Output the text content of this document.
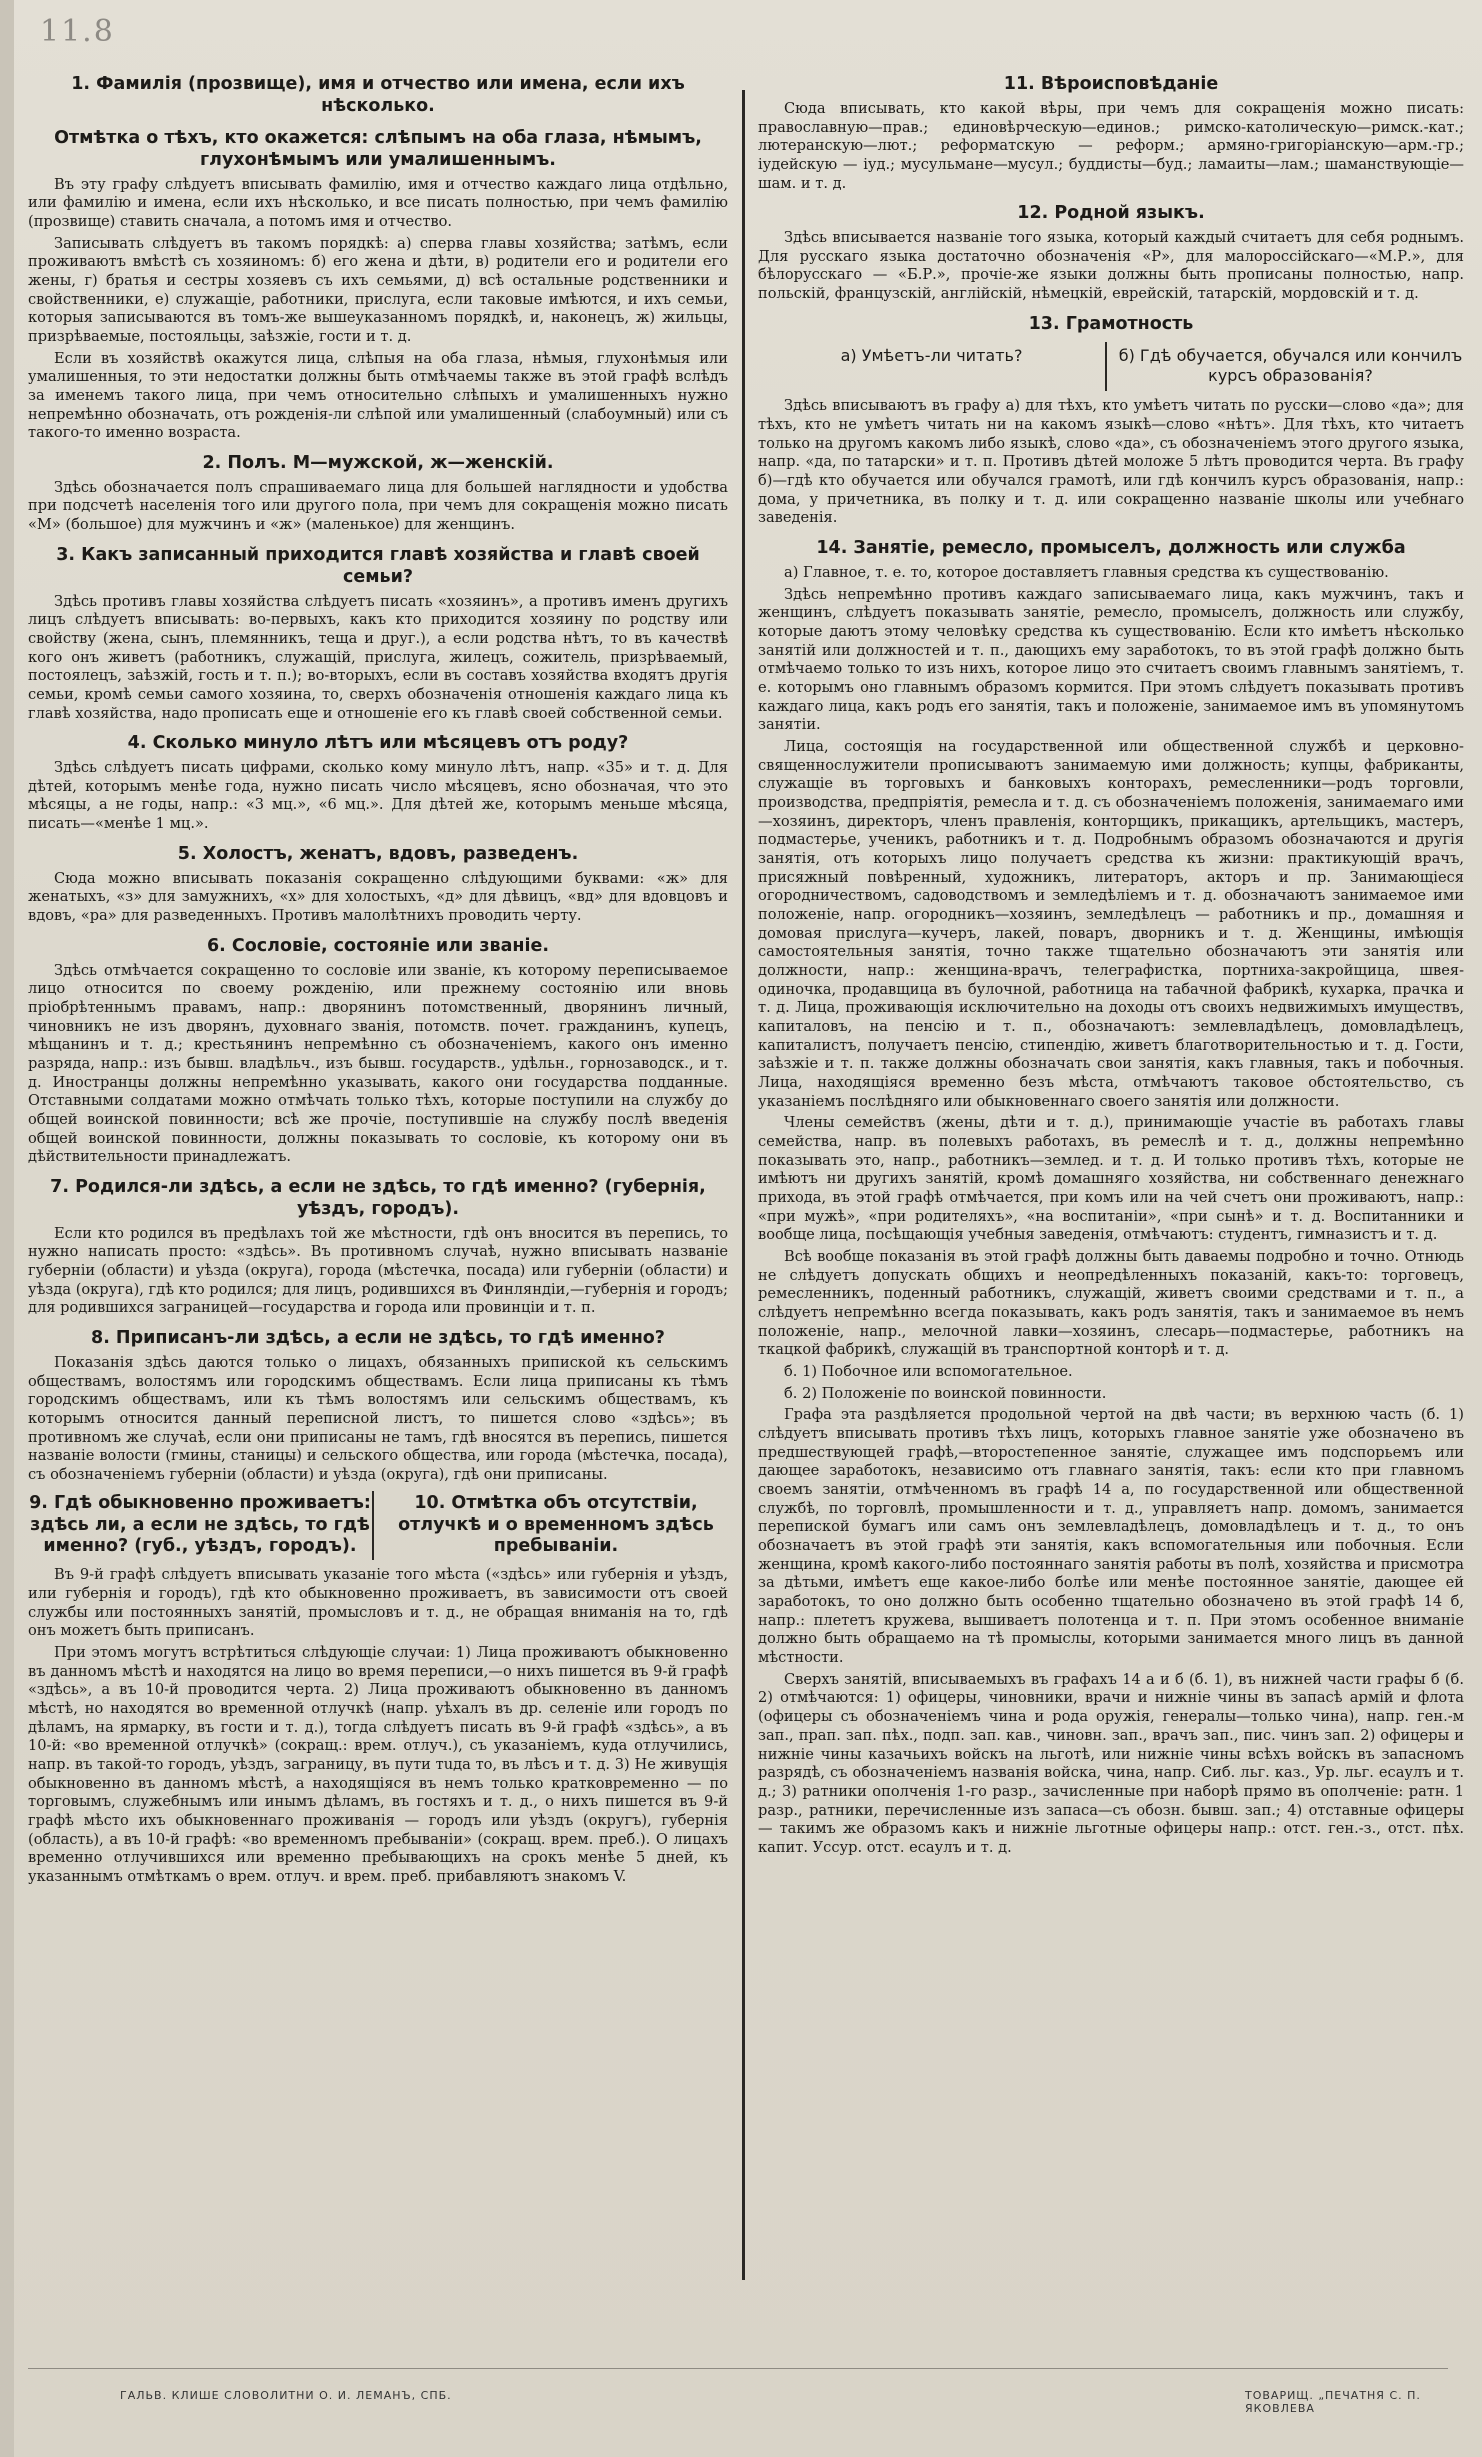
11.8
1. Фамилія (прозвище), имя и отчество или имена, если ихъ нѣсколько.
Отмѣтка о тѣхъ, кто окажется: слѣпымъ на оба глаза, нѣмымъ, глухонѣмымъ или умалишеннымъ.

Въ эту графу слѣдуетъ вписывать фамилію, имя и отчество каждаго лица отдѣльно, или фамилію и имена, если ихъ нѣсколько, и все писать полностью, при чемъ фамилію (прозвище) ставить сначала, а потомъ имя и отчество.

Записывать слѣдуетъ въ такомъ порядкѣ: а) сперва главы хозяйства; затѣмъ, если проживаютъ вмѣстѣ съ хозяиномъ: б) его жена и дѣти, в) родители его и родители его жены, г) братья и сестры хозяевъ съ ихъ семьями, д) всѣ остальные родственники и свойственники, е) служащіе, работники, прислуга, если таковые имѣются, и ихъ семьи, которыя записываются въ томъ-же вышеуказанномъ порядкѣ, и, наконецъ, ж) жильцы, призрѣваемые, постояльцы, заѣзжіе, гости и т. д.

Если въ хозяйствѣ окажутся лица, слѣпыя на оба глаза, нѣмыя, глухонѣмыя или умалишенныя, то эти недостатки должны быть отмѣчаемы также въ этой графѣ вслѣдъ за именемъ такого лица, при чемъ относительно слѣпыхъ и умалишенныхъ нужно непремѣнно обозначать, отъ рожденія-ли слѣпой или умалишенный (слабоумный) или съ такого-то именно возраста.

2. Полъ. М—мужской, ж—женскій.

Здѣсь обозначается полъ спрашиваемаго лица для большей наглядности и удобства при подсчетѣ населенія того или другого пола, при чемъ для сокращенія можно писать «М» (большое) для мужчинъ и «ж» (маленькое) для женщинъ.

3. Какъ записанный приходится главѣ хозяйства и главѣ своей семьи?

Здѣсь противъ главы хозяйства слѣдуетъ писать «хозяинъ», а противъ именъ другихъ лицъ слѣдуетъ вписывать: во-первыхъ, какъ кто приходится хозяину по родству или свойству (жена, сынъ, племянникъ, теща и друг.), а если родства нѣтъ, то въ качествѣ кого онъ живетъ (работникъ, служащій, прислуга, жилецъ, сожитель, призрѣваемый, постоялецъ, заѣзжій, гость и т. п.); во-вторыхъ, если въ составъ хозяйства входятъ другія семьи, кромѣ семьи самого хозяина, то, сверхъ обозначенія отношенія каждаго лица къ главѣ хозяйства, надо прописать еще и отношеніе его къ главѣ своей собственной семьи.

4. Сколько минуло лѣтъ или мѣсяцевъ отъ роду?

Здѣсь слѣдуетъ писать цифрами, сколько кому минуло лѣтъ, напр. «35» и т. д. Для дѣтей, которымъ менѣе года, нужно писать число мѣсяцевъ, ясно обозначая, что это мѣсяцы, а не годы, напр.: «3 мц.», «6 мц.». Для дѣтей же, которымъ меньше мѣсяца, писать—«менѣе 1 мц.».

5. Холостъ, женатъ, вдовъ, разведенъ.

Сюда можно вписывать показанія сокращенно слѣдующими буквами: «ж» для женатыхъ, «з» для замужнихъ, «х» для холостыхъ, «д» для дѣвицъ, «вд» для вдовцовъ и вдовъ, «ра» для разведенныхъ. Противъ малолѣтнихъ проводить черту.

6. Сословіе, состояніе или званіе.

Здѣсь отмѣчается сокращенно то сословіе или званіе, къ которому переписываемое лицо относится по своему рожденію, или прежнему состоянію или вновь пріобрѣтеннымъ правамъ, напр.: дворянинъ потомственный, дворянинъ личный, чиновникъ не изъ дворянъ, духовнаго званія, потомств. почет. гражданинъ, купецъ, мѣщанинъ и т. д.; крестьянинъ непремѣнно съ обозначеніемъ, какого онъ именно разряда, напр.: изъ бывш. владѣльч., изъ бывш. государств., удѣльн., горнозаводск., и т. д. Иностранцы должны непремѣнно указывать, какого они государства подданные. Отставными солдатами можно отмѣчать только тѣхъ, которые поступили на службу до общей воинской повинности; всѣ же прочіе, поступившіе на службу послѣ введенія общей воинской повинности, должны показывать то сословіе, къ которому они въ дѣйствительности принадлежатъ.

7. Родился-ли здѣсь, а если не здѣсь, то гдѣ именно? (губернія, уѣздъ, городъ).

Если кто родился въ предѣлахъ той же мѣстности, гдѣ онъ вносится въ перепись, то нужно написать просто: «здѣсь». Въ противномъ случаѣ, нужно вписывать названіе губерніи (области) и уѣзда (округа), города (мѣстечка, посада) или губерніи (области) и уѣзда (округа), гдѣ кто родился; для лицъ, родившихся въ Финляндіи,—губернія и городъ; для родившихся заграницей—государства и города или провинціи и т. п.

8. Приписанъ-ли здѣсь, а если не здѣсь, то гдѣ именно?

Показанія здѣсь даются только о лицахъ, обязанныхъ припиской къ сельскимъ обществамъ, волостямъ или городскимъ обществамъ. Если лица приписаны къ тѣмъ городскимъ обществамъ, или къ тѣмъ волостямъ или сельскимъ обществамъ, къ которымъ относится данный переписной листъ, то пишется слово «здѣсь»; въ противномъ же случаѣ, если они приписаны не тамъ, гдѣ вносятся въ перепись, пишется названіе волости (гмины, станицы) и сельского общества, или города (мѣстечка, посада), съ обозначеніемъ губерніи (области) и уѣзда (округа), гдѣ они приписаны.

9. Гдѣ обыкновенно проживаетъ: здѣсь ли, а если не здѣсь, то гдѣ именно? (губ., уѣздъ, городъ).
10. Отмѣтка объ отсутствіи, отлучкѣ и о временномъ здѣсь пребываніи.

Въ 9-й графѣ слѣдуетъ вписывать указаніе того мѣста («здѣсь» или губернія и уѣздъ, или губернія и городъ), гдѣ кто обыкновенно проживаетъ, въ зависимости отъ своей службы или постоянныхъ занятій, промысловъ и т. д., не обращая вниманія на то, гдѣ онъ можетъ быть приписанъ.

При этомъ могутъ встрѣтиться слѣдующіе случаи: 1) Лица проживаютъ обыкновенно въ данномъ мѣстѣ и находятся на лицо во время переписи,—о нихъ пишется въ 9-й графѣ «здѣсь», а въ 10-й проводится черта. 2) Лица проживаютъ обыкновенно въ данномъ мѣстѣ, но находятся во временной отлучкѣ (напр. уѣхалъ въ др. селеніе или городъ по дѣламъ, на ярмарку, въ гости и т. д.), тогда слѣдуетъ писать въ 9-й графѣ «здѣсь», а въ 10-й: «во временной отлучкѣ» (сокращ.: врем. отлуч.), съ указаніемъ, куда отлучились, напр. въ такой-то городъ, уѣздъ, заграницу, въ пути тuда то, въ лѣсъ и т. д. 3) Не живущія обыкновенно въ данномъ мѣстѣ, а находящіяся въ немъ только кратковременно — по торговымъ, служебнымъ или инымъ дѣламъ, въ гостяхъ и т. д., о нихъ пишется въ 9-й графѣ мѣсто ихъ обыкновеннаго проживанія — городъ или уѣздъ (округъ), губернія (область), а въ 10-й графѣ: «во временномъ пребываніи» (сокращ. врем. преб.). О лицахъ временно отлучившихся или временно пребывающихъ на срокъ менѣе 5 дней, къ указаннымъ отмѣткамъ о врем. отлуч. и врем. преб. прибавляютъ знакомъ V.

11. Вѣроисповѣданіе

Сюда вписывать, кто какой вѣры, при чемъ для сокращенія можно писать: православную—прав.; единовѣрческую—единов.; римско-католическую—римск.-кат.; лютеранскую—лют.; реформатскую — реформ.; армяно-григоріанскую—арм.-гр.; іудейскую — іуд.; мусульмане—мусул.; буддисты—буд.; ламаиты—лам.; шаманствующіе—шам. и т. д.

12. Родной языкъ.

Здѣсь вписывается названіе того языка, который каждый считаетъ для себя роднымъ. Для русскаго языка достаточно обозначенія «Р», для малороссійскаго—«М.Р.», для бѣлорусскаго — «Б.Р.», прочіе-же языки должны быть прописаны полностью, напр. польскій, французскій, англійскій, нѣмецкій, еврейскій, татарскій, мордовскій и т. д.

13. Грамотность
а) Умѣетъ-ли читать?	б) Гдѣ обучается, обучался или кончилъ курсъ образованія?

Здѣсь вписываютъ въ графу а) для тѣхъ, кто умѣетъ читать по русски—слово «да»; для тѣхъ, кто не умѣетъ читать ни на какомъ языкѣ—слово «нѣтъ». Для тѣхъ, кто читаетъ только на другомъ какомъ либо языкѣ, слово «да», съ обозначеніемъ этого другого языка, напр. «да, по татарски» и т. п. Противъ дѣтей моложе 5 лѣтъ проводится черта. Въ графу б)—гдѣ кто обучается или обучался грамотѣ, или гдѣ кончилъ курсъ образованія, напр.: дома, у причетника, въ полку и т. д. или сокращенно названіе школы или учебнаго заведенія.

14. Занятіе, ремесло, промыселъ, должность или служба

а) Главное, т. е. то, которое доставляетъ главныя средства къ существованію.

Здѣсь непремѣнно противъ каждаго записываемаго лица, какъ мужчинъ, такъ и женщинъ, слѣдуетъ показывать занятіе, ремесло, промыселъ, должность или службу, которые даютъ этому человѣку средства къ существованію. Если кто имѣетъ нѣсколько занятій или должностей и т. п., дающихъ ему заработокъ, то въ этой графѣ должно быть отмѣчаемо только то изъ нихъ, которое лицо это считаетъ своимъ главнымъ занятіемъ, т. е. которымъ оно главнымъ образомъ кормится. При этомъ слѣдуетъ показывать противъ каждаго лица, какъ родъ его занятія, такъ и положеніе, занимаемое имъ въ упомянутомъ занятіи.

Лица, состоящія на государственной или общественной службѣ и церковно-священнослужители прописываютъ занимаемую ими должность; купцы, фабриканты, служащіе въ торговыхъ и банковыхъ конторахъ, ремесленники—родъ торговли, производства, предпріятія, ремесла и т. д. съ обозначеніемъ положенія, занимаемаго ими—хозяинъ, директоръ, членъ правленія, конторщикъ, прикащикъ, артельщикъ, мастеръ, подмастерье, ученикъ, работникъ и т. д. Подробнымъ образомъ обозначаются и другія занятія, отъ которыхъ лицо получаетъ средства къ жизни: практикующій врачъ, присяжный повѣренный, художникъ, литераторъ, акторъ и пр. Занимающіеся огородничествомъ, садоводствомъ и земледѣліемъ и т. д. обозначаютъ занимаемое ими положеніе, напр. огородникъ—хозяинъ, земледѣлецъ — работникъ и пр., домашняя и домовая прислуга—кучеръ, лакей, поваръ, дворникъ и т. д. Женщины, имѣющія самостоятельныя занятія, точно также тщательно обозначаютъ эти занятія или должности, напр.: женщина-врачъ, телеграфистка, портниха-закройщица, швея-одиночка, продавщица въ булочной, работница на табачной фабрикѣ, кухарка, прачка и т. д. Лица, проживающія исключительно на доходы отъ своихъ недвижимыхъ имуществъ, капиталовъ, на пенсію и т. п., обозначаютъ: землевладѣлецъ, домовладѣлецъ, капиталистъ, получаетъ пенсію, стипендію, живетъ благотворительностью и т. д. Гости, заѣзжіе и т. п. также должны обозначать свои занятія, какъ главныя, такъ и побочныя. Лица, находящіяся временно безъ мѣста, отмѣчаютъ таковое обстоятельство, съ указаніемъ послѣдняго или обыкновеннаго своего занятія или должности.

Члены семействъ (жены, дѣти и т. д.), принимающіе участіе въ работахъ главы семейства, напр. въ полевыхъ работахъ, въ ремеслѣ и т. д., должны непремѣнно показывать это, напр., работникъ—землед. и т. д. И только противъ тѣхъ, которые не имѣютъ ни другихъ занятій, кромѣ домашняго хозяйства, ни собственнаго денежнаго прихода, въ этой графѣ отмѣчается, при комъ или на чей счетъ они проживаютъ, напр.: «при мужѣ», «при родителяхъ», «на воспитаніи», «при сынѣ» и т. д. Воспитанники и вообще лица, посѣщающія учебныя заведенія, отмѣчаютъ: студентъ, гимназистъ и т. д.

Всѣ вообще показанія въ этой графѣ должны быть даваемы подробно и точно. Отнюдь не слѣдуетъ допускать общихъ и неопредѣленныхъ показаній, какъ-то: торговецъ, ремесленникъ, поденный работникъ, служащій, живетъ своими средствами и т. п., а слѣдуетъ непремѣнно всегда показывать, какъ родъ занятія, такъ и занимаемое въ немъ положеніе, напр., мелочной лавки—хозяинъ, слесарь—подмастерье, работникъ на ткацкой фабрикѣ, служащій въ транспортной конторѣ и т. д.

б. 1) Побочное или вспомогательное.

б. 2) Положеніе по воинской повинности.

Графа эта раздѣляется продольной чертой на двѣ части; въ верхнюю часть (б. 1) слѣдуетъ вписывать противъ тѣхъ лицъ, которыхъ главное занятіе уже обозначено въ предшествующей графѣ,—второстепенное занятіе, служащее имъ подспорьемъ или дающее заработокъ, независимо отъ главнаго занятія, такъ: если кто при главномъ своемъ занятіи, отмѣченномъ въ графѣ 14 а, по государственной или общественной службѣ, по торговлѣ, промышленности и т. д., управляетъ напр. домомъ, занимается перепиской бумагъ или самъ онъ землевладѣлецъ, домовладѣлецъ и т. д., то онъ обозначаетъ въ этой графѣ эти занятія, какъ вспомогательныя или побочныя. Если женщина, кромѣ какого-либо постояннаго занятія работы въ полѣ, хозяйства и присмотра за дѣтьми, имѣетъ еще какое-либо болѣе или менѣе постоянное занятіе, дающее ей заработокъ, то оно должно быть особенно тщательно обозначено въ этой графѣ 14 б, напр.: плететъ кружева, вышиваетъ полотенца и т. п. При этомъ особенное вниманіе должно быть обращаемо на тѣ промыслы, которыми занимается много лицъ въ данной мѣстности.

Сверхъ занятій, вписываемыхъ въ графахъ 14 а и б (б. 1), въ нижней части графы б (б. 2) отмѣчаются: 1) офицеры, чиновники, врачи и нижніе чины въ запасѣ армій и флота (офицеры съ обозначеніемъ чина и рода оружія, генералы—только чина), напр. ген.-м зап., прап. зап. пѣх., подп. зап. кав., чиновн. зап., врачъ зап., пис. чинъ зап. 2) офицеры и нижніе чины казачьихъ войскъ на льготѣ, или нижніе чины всѣхъ войскъ въ запасномъ разрядѣ, съ обозначеніемъ названія войска, чина, напр. Сиб. льг. каз., Ур. льг. есаулъ и т. д.; 3) ратники ополченія 1-го разр., зачисленные при наборѣ прямо въ ополченіе: ратн. 1 разр., ратники, перечисленные изъ запаса—съ обозн. бывш. зап.; 4) отставные офицеры — такимъ же образомъ какъ и нижніе льготные офицеры напр.: отст. ген.-з., отст. пѣх. капит. Уссур. отст. есаулъ и т. д.

ГАЛЬВ. КЛИШЕ СЛОВОЛИТНИ О. И. ЛЕМАНЪ, СПБ.	ТОВАРИЩ. „ПЕЧАТНЯ С. П. ЯКОВЛЕВА
